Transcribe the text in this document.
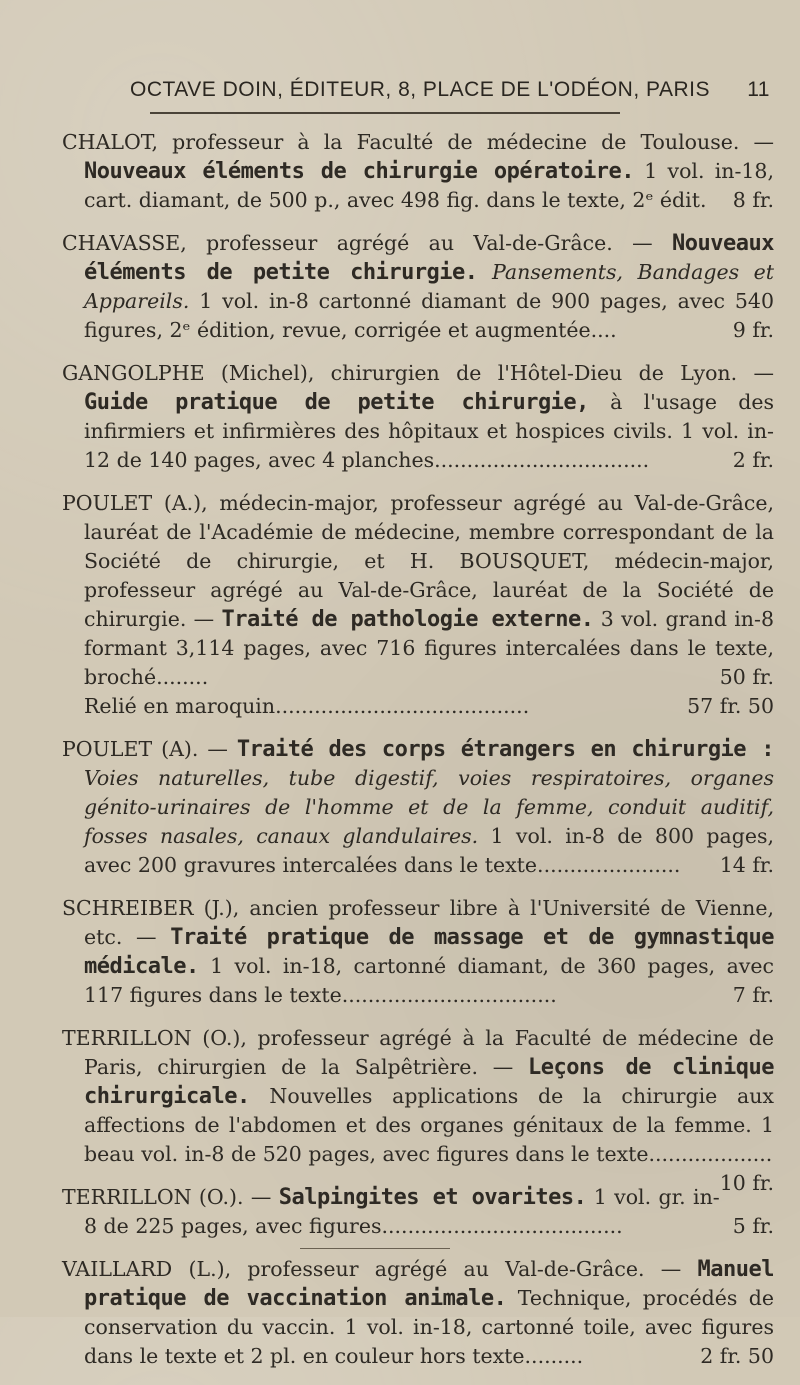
OCTAVE DOIN, ÉDITEUR, 8, PLACE DE L'ODÉON, PARIS 11

CHALOT, professeur à la Faculté de médecine de Toulouse. — Nouveaux éléments de chirurgie opératoire. 1 vol. in-18, cart. diamant, de 500 p., avec 498 fig. dans le texte, 2ᵉ édit. 8 fr.

CHAVASSE, professeur agrégé au Val-de-Grâce. — Nouveaux éléments de petite chirurgie. Pansements, Bandages et Appareils. 1 vol. in-8 cartonné diamant de 900 pages, avec 540 figures, 2ᵉ édition, revue, corrigée et augmentée....	9 fr.

GANGOLPHE (Michel), chirurgien de l'Hôtel-Dieu de Lyon. — Guide pratique de petite chirurgie, à l'usage des infirmiers et infirmières des hôpitaux et hospices civils. 1 vol. in-12 de 140 pages, avec 4 planches.................................	2 fr.

POULET (A.), médecin-major, professeur agrégé au Val-de-Grâce, lauréat de l'Académie de médecine, membre correspondant de la Société de chirurgie, et H. BOUSQUET, médecin-major, professeur agrégé au Val-de-Grâce, lauréat de la Société de chirurgie. — Traité de pathologie externe. 3 vol. grand in-8 formant 3,114 pages, avec 716 figures intercalées dans le texte, broché........	50 fr.

Relié en maroquin.......................................	57 fr. 50

POULET (A). — Traité des corps étrangers en chirurgie : Voies naturelles, tube digestif, voies respiratoires, organes génito-urinaires de l'homme et de la femme, conduit auditif, fosses nasales, canaux glandulaires. 1 vol. in-8 de 800 pages, avec 200 gravures intercalées dans le texte...................... 14 fr.

SCHREIBER (J.), ancien professeur libre à l'Université de Vienne, etc. — Traité pratique de massage et de gymnastique médicale. 1 vol. in-18, cartonné diamant, de 360 pages, avec 117 figures dans le texte.................................	7 fr.

TERRILLON (O.), professeur agrégé à la Faculté de médecine de Paris, chirurgien de la Salpêtrière. — Leçons de clinique chirurgicale. Nouvelles applications de la chirurgie aux affections de l'abdomen et des organes génitaux de la femme. 1 beau vol. in-8 de 520 pages, avec figures dans le texte...................
10 fr.

TERRILLON (O.). — Salpingites et ovarites. 1 vol. gr. in-8 de 225 pages, avec figures.....................................	5 fr.

VAILLARD (L.), professeur agrégé au Val-de-Grâce. — Manuel pratique de vaccination animale. Technique, procédés de conservation du vaccin. 1 vol. in-18, cartonné toile, avec figures dans le texte et 2 pl. en couleur hors texte.........	2 fr. 50
